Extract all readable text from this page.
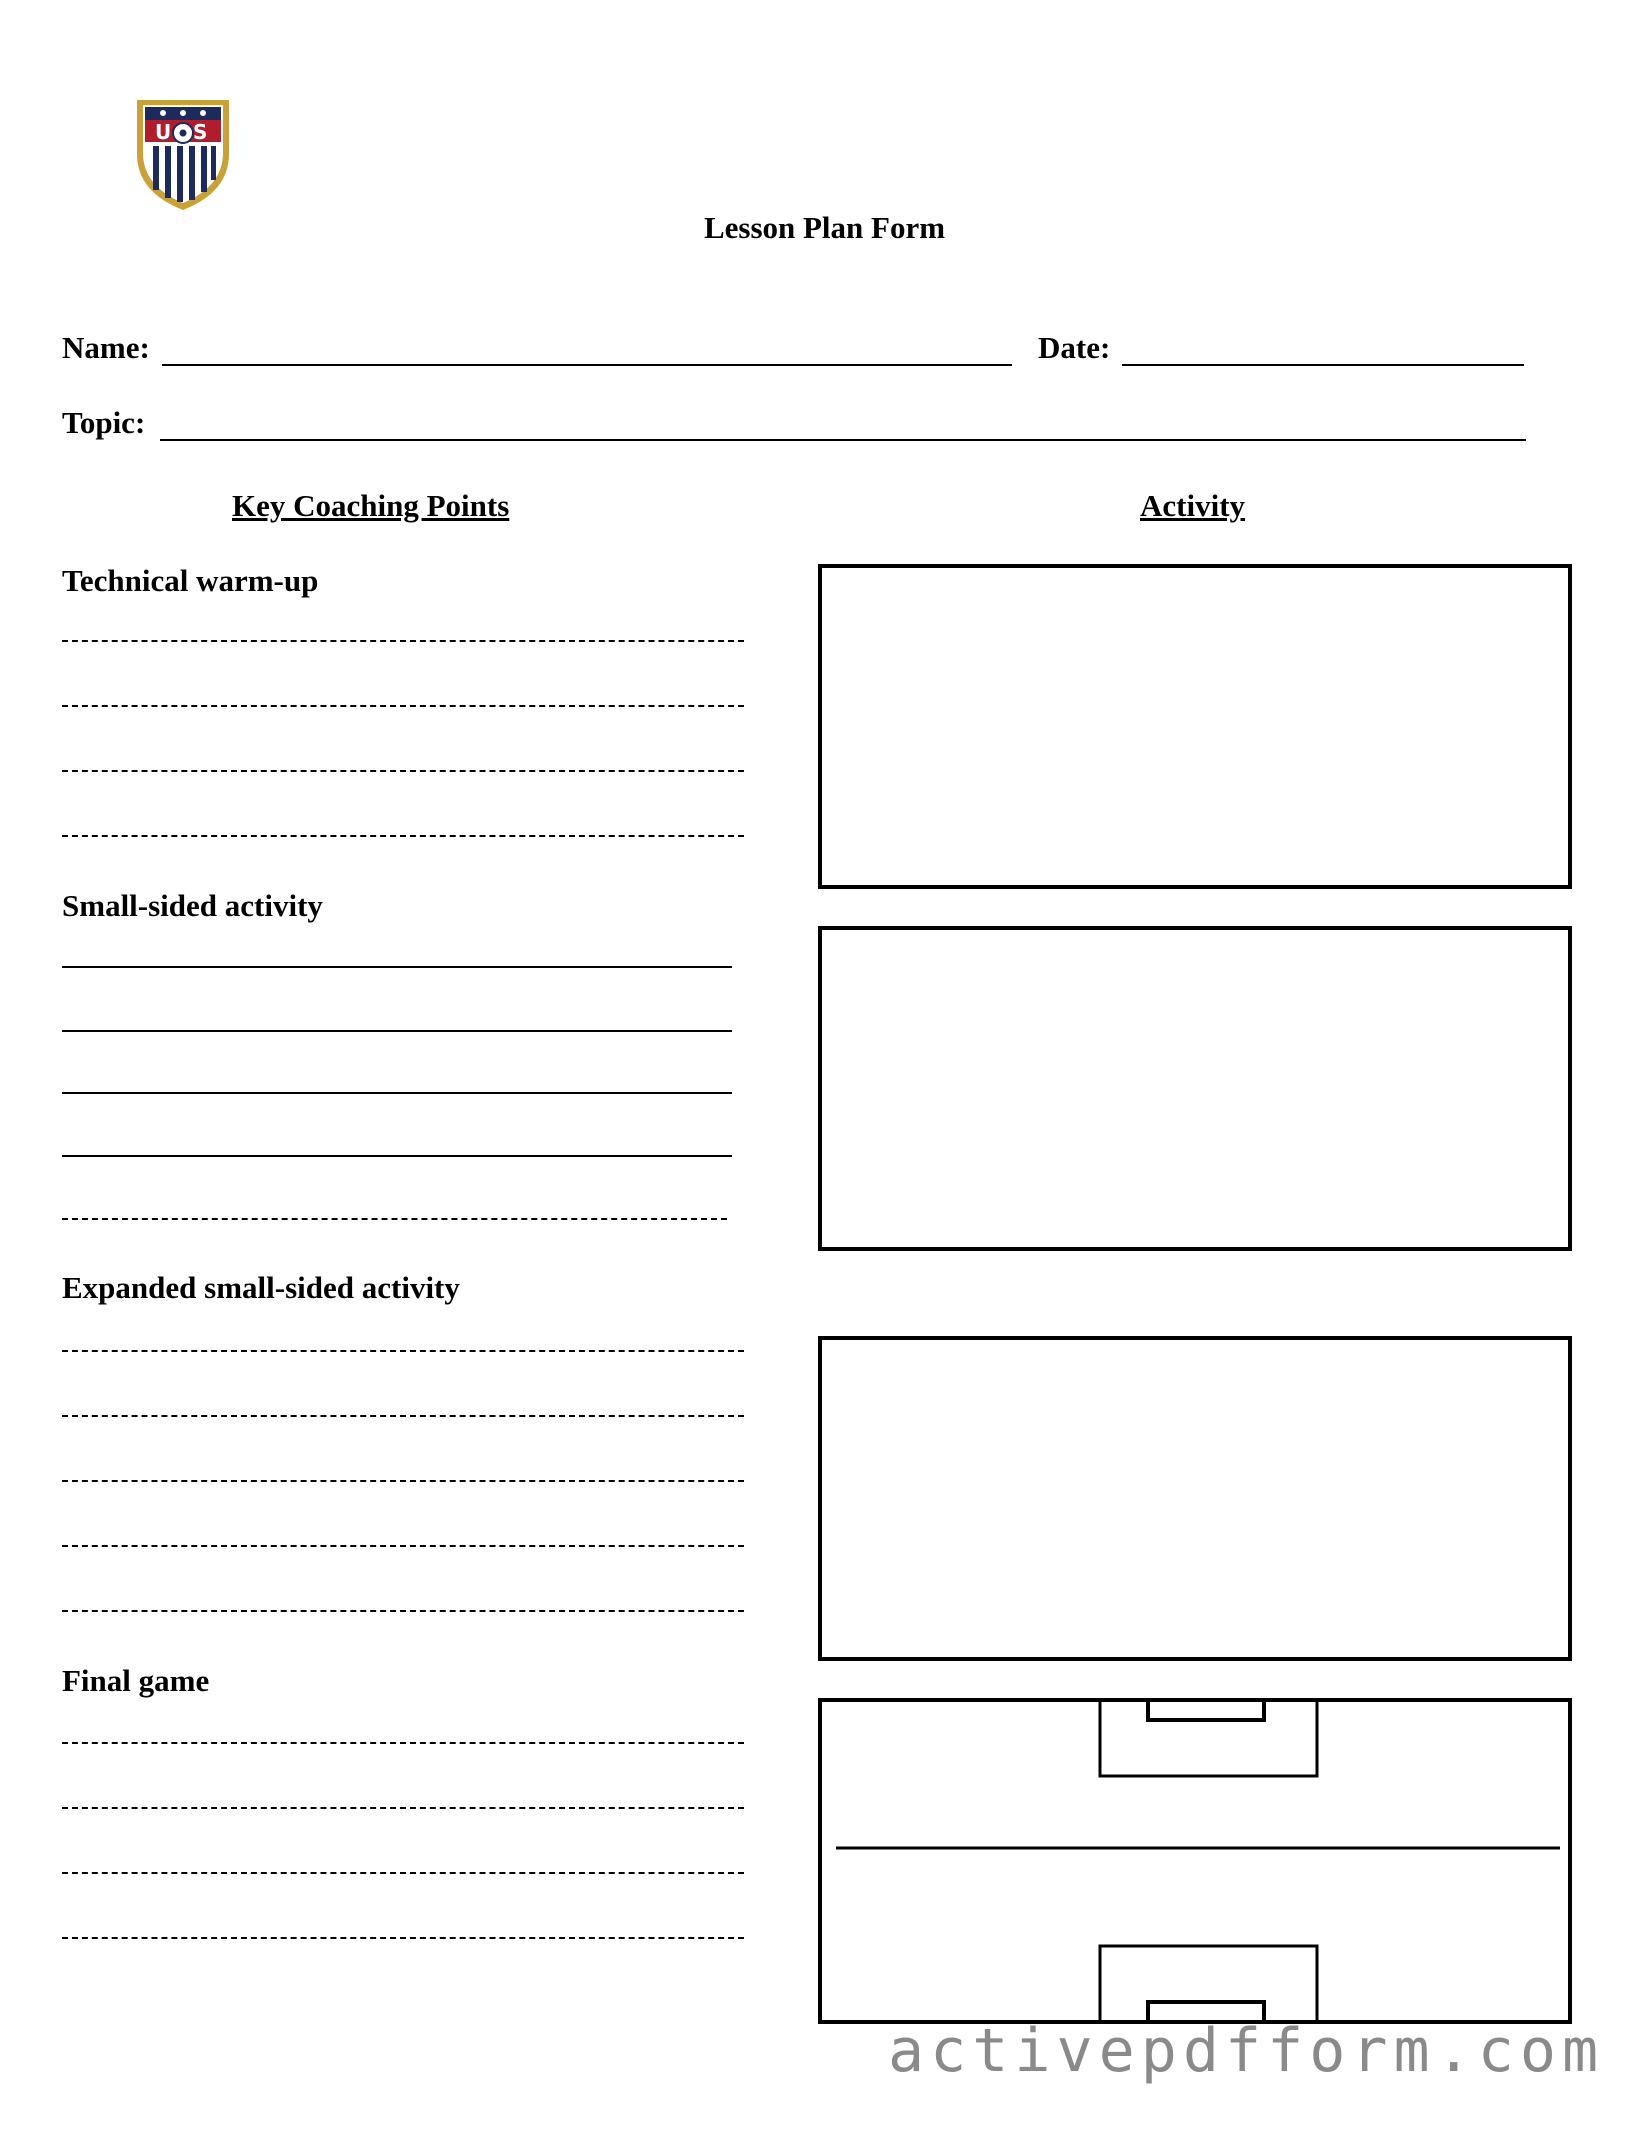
U S
Lesson Plan Form
Name:	Date:
Topic:
Key Coaching Points	Activity
Technical warm-up
Small-sided activity
Expanded small-sided activity
Final game
activepdfform.com
